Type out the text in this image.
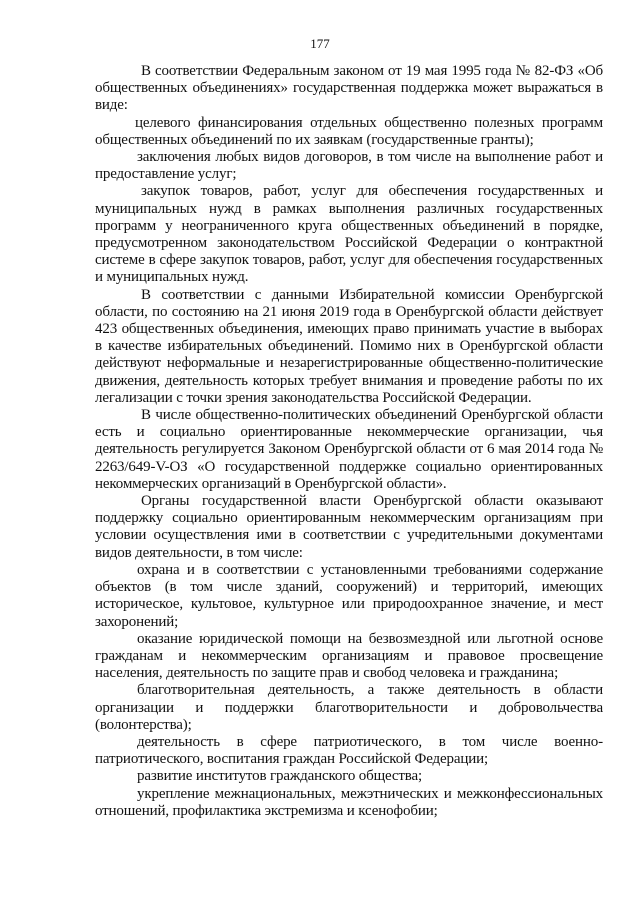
177

В соответствии Федеральным законом от 19 мая 1995 года № 82-ФЗ «Об общественных объединениях» государственная поддержка может выражаться в виде:

целевого финансирования отдельных общественно полезных программ общественных объединений по их заявкам (государственные гранты);

заключения любых видов договоров, в том числе на выполнение работ и предоставление услуг;

закупок товаров, работ, услуг для обеспечения государственных и муниципальных нужд в рамках выполнения различных государственных программ у неограниченного круга общественных объединений в порядке, предусмотренном законодательством Российской Федерации о контрактной системе в сфере закупок товаров, работ, услуг для обеспечения государственных и муниципальных нужд.

В соответствии с данными Избирательной комиссии Оренбургской области, по состоянию на 21 июня 2019 года в Оренбургской области действует 423 общественных объединения, имеющих право принимать участие в выборах в качестве избирательных объединений. Помимо них в Оренбургской области действуют неформальные и незарегистрированные общественно-политические движения, деятельность которых требует внимания и проведение работы по их легализации с точки зрения законодательства Российской Федерации.

В числе общественно-политических объединений Оренбургской области есть и социально ориентированные некоммерческие организации, чья деятельность регулируется Законом Оренбургской области от 6 мая 2014 года № 2263/649-V-ОЗ «О государственной поддержке социально ориентированных некоммерческих организаций в Оренбургской области».

Органы государственной власти Оренбургской области оказывают поддержку социально ориентированным некоммерческим организациям при условии осуществления ими в соответствии с учредительными документами видов деятельности, в том числе:

охрана и в соответствии с установленными требованиями содержание объектов (в том числе зданий, сооружений) и территорий, имеющих историческое, культовое, культурное или природоохранное значение, и мест захоронений;

оказание юридической помощи на безвозмездной или льготной основе гражданам и некоммерческим организациям и правовое просвещение населения, деятельность по защите прав и свобод человека и гражданина;

благотворительная деятельность, а также деятельность в области организации и поддержки благотворительности и добровольчества (волонтерства);

деятельность в сфере патриотического, в том числе военно-патриотического, воспитания граждан Российской Федерации;

развитие институтов гражданского общества;

укрепление межнациональных, межэтнических и межконфессиональных отношений, профилактика экстремизма и ксенофобии;
